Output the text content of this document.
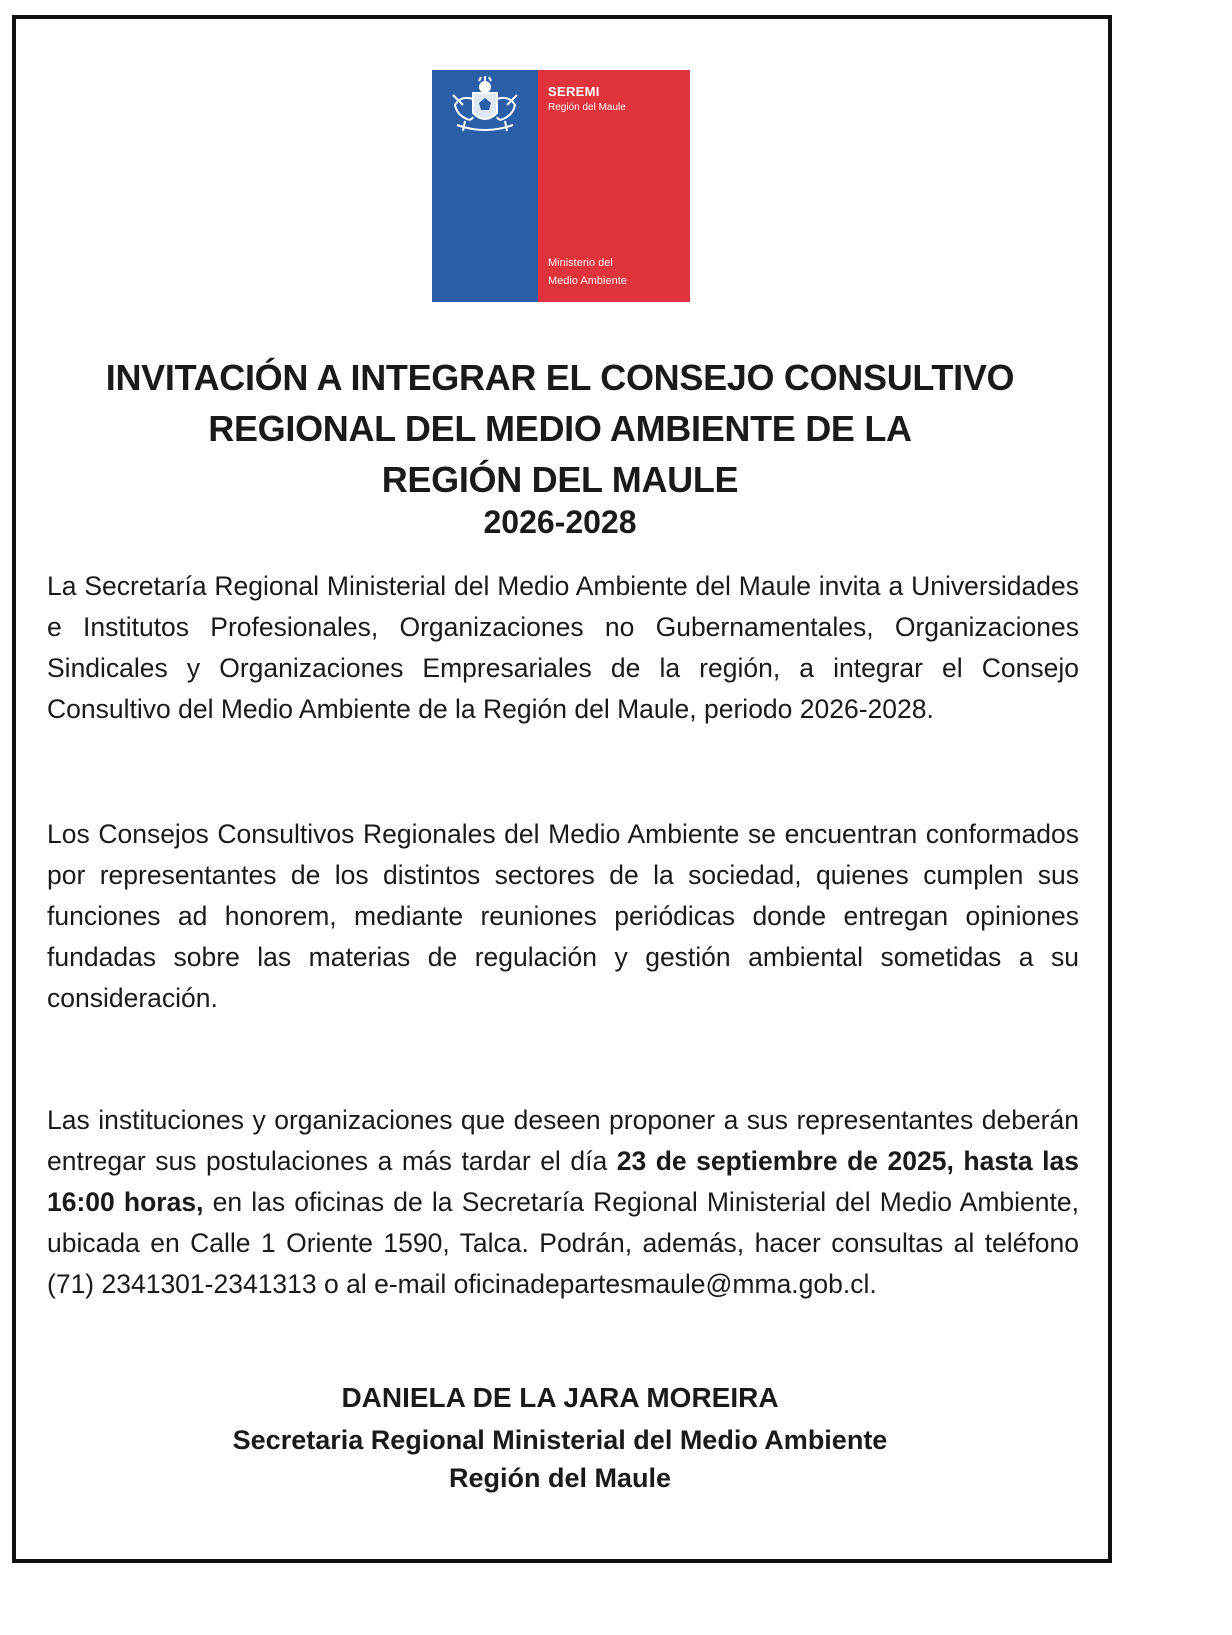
SEREMI
Región del Maule
Ministerio del
Medio Ambiente
INVITACIÓN A INTEGRAR EL CONSEJO CONSULTIVO
REGIONAL DEL MEDIO AMBIENTE DE LA
REGIÓN DEL MAULE
2026-2028

La Secretaría Regional Ministerial del Medio Ambiente del Maule invita a Universidades e Institutos Profesionales, Organizaciones no Gubernamentales, Organizaciones Sindicales y Organizaciones Empresariales de la región, a integrar el Consejo Consultivo del Medio Ambiente de la Región del Maule, periodo 2026-2028.

Los Consejos Consultivos Regionales del Medio Ambiente se encuentran conformados por representantes de los distintos sectores de la sociedad, quienes cumplen sus funciones ad honorem, mediante reuniones periódicas donde entregan opiniones fundadas sobre las materias de regulación y gestión ambiental sometidas a su consideración.

Las instituciones y organizaciones que deseen proponer a sus representantes deberán entregar sus postulaciones a más tardar el día 23 de septiembre de 2025, hasta las 16:00 horas, en las oficinas de la Secretaría Regional Ministerial del Medio Ambiente, ubicada en Calle 1 Oriente 1590, Talca. Podrán, además, hacer consultas al teléfono (71) 2341301-2341313 o al e-mail oficinadepartesmaule@mma.gob.cl.

DANIELA DE LA JARA MOREIRA
Secretaria Regional Ministerial del Medio Ambiente
Región del Maule
